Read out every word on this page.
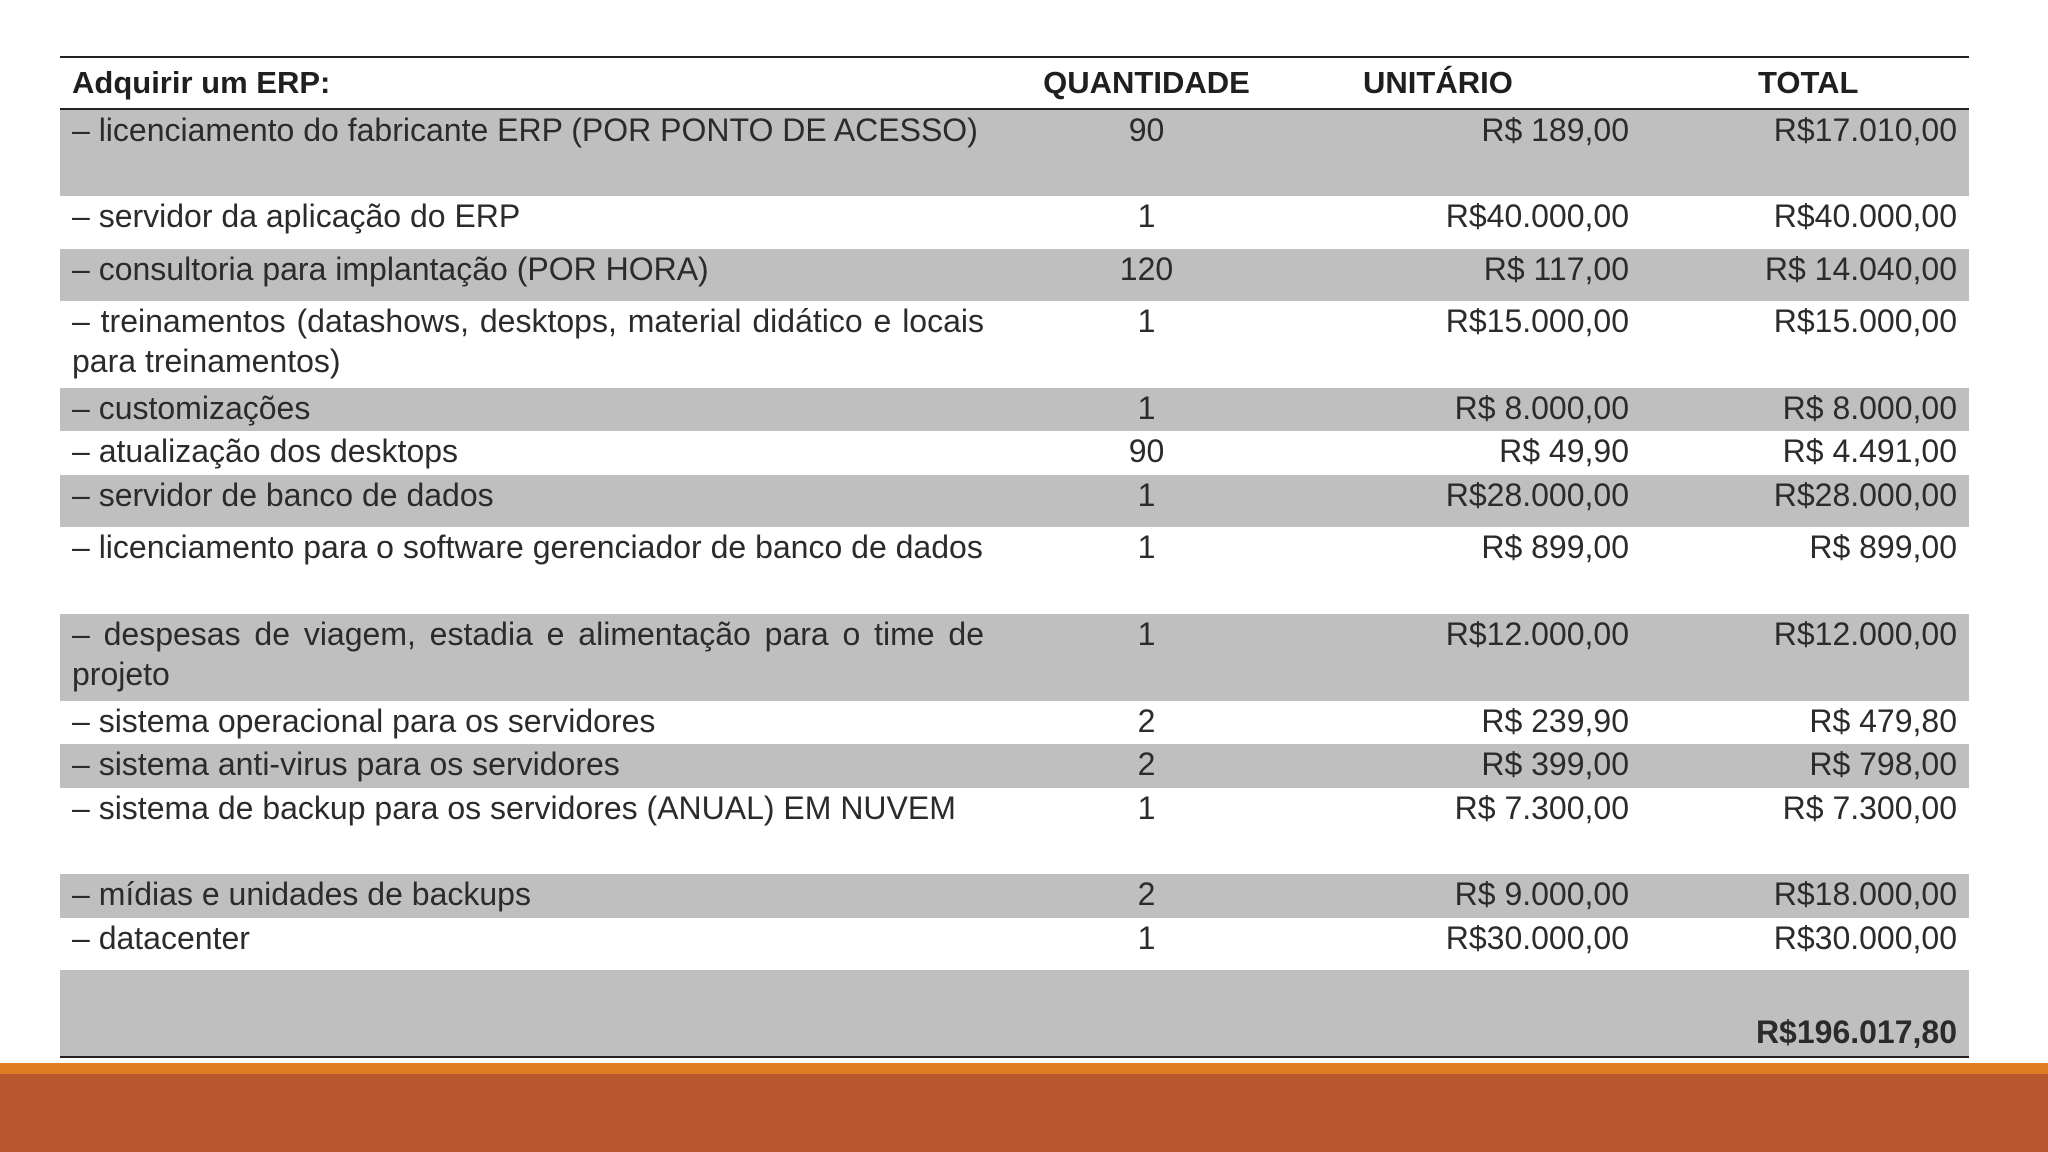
Adquirir um ERP:	QUANTIDADE	UNITÁRIO	TOTAL
– licenciamento do fabricante ERP (POR PONTO DE ACESSO)	90	R$ 189,00	R$17.010,00
– servidor da aplicação do ERP	1	R$40.000,00	R$40.000,00
– consultoria para implantação (POR HORA)	120	R$ 117,00	R$ 14.040,00
– treinamentos (datashows, desktops, material didático e locais para treinamentos)	1	R$15.000,00	R$15.000,00
– customizações	1	R$ 8.000,00	R$ 8.000,00
– atualização dos desktops	90	R$ 49,90	R$ 4.491,00
– servidor de banco de dados	1	R$28.000,00	R$28.000,00
– licenciamento para o software gerenciador de banco de dados	1	R$ 899,00	R$ 899,00
– despesas de viagem, estadia e alimentação para o time de projeto	1	R$12.000,00	R$12.000,00
– sistema operacional para os servidores	2	R$ 239,90	R$ 479,80
– sistema anti-virus para os servidores	2	R$ 399,00	R$ 798,00
– sistema de backup para os servidores (ANUAL) EM NUVEM	1	R$ 7.300,00	R$ 7.300,00
– mídias e unidades de backups	2	R$ 9.000,00	R$18.000,00
– datacenter	1	R$30.000,00	R$30.000,00
			R$196.017,80
